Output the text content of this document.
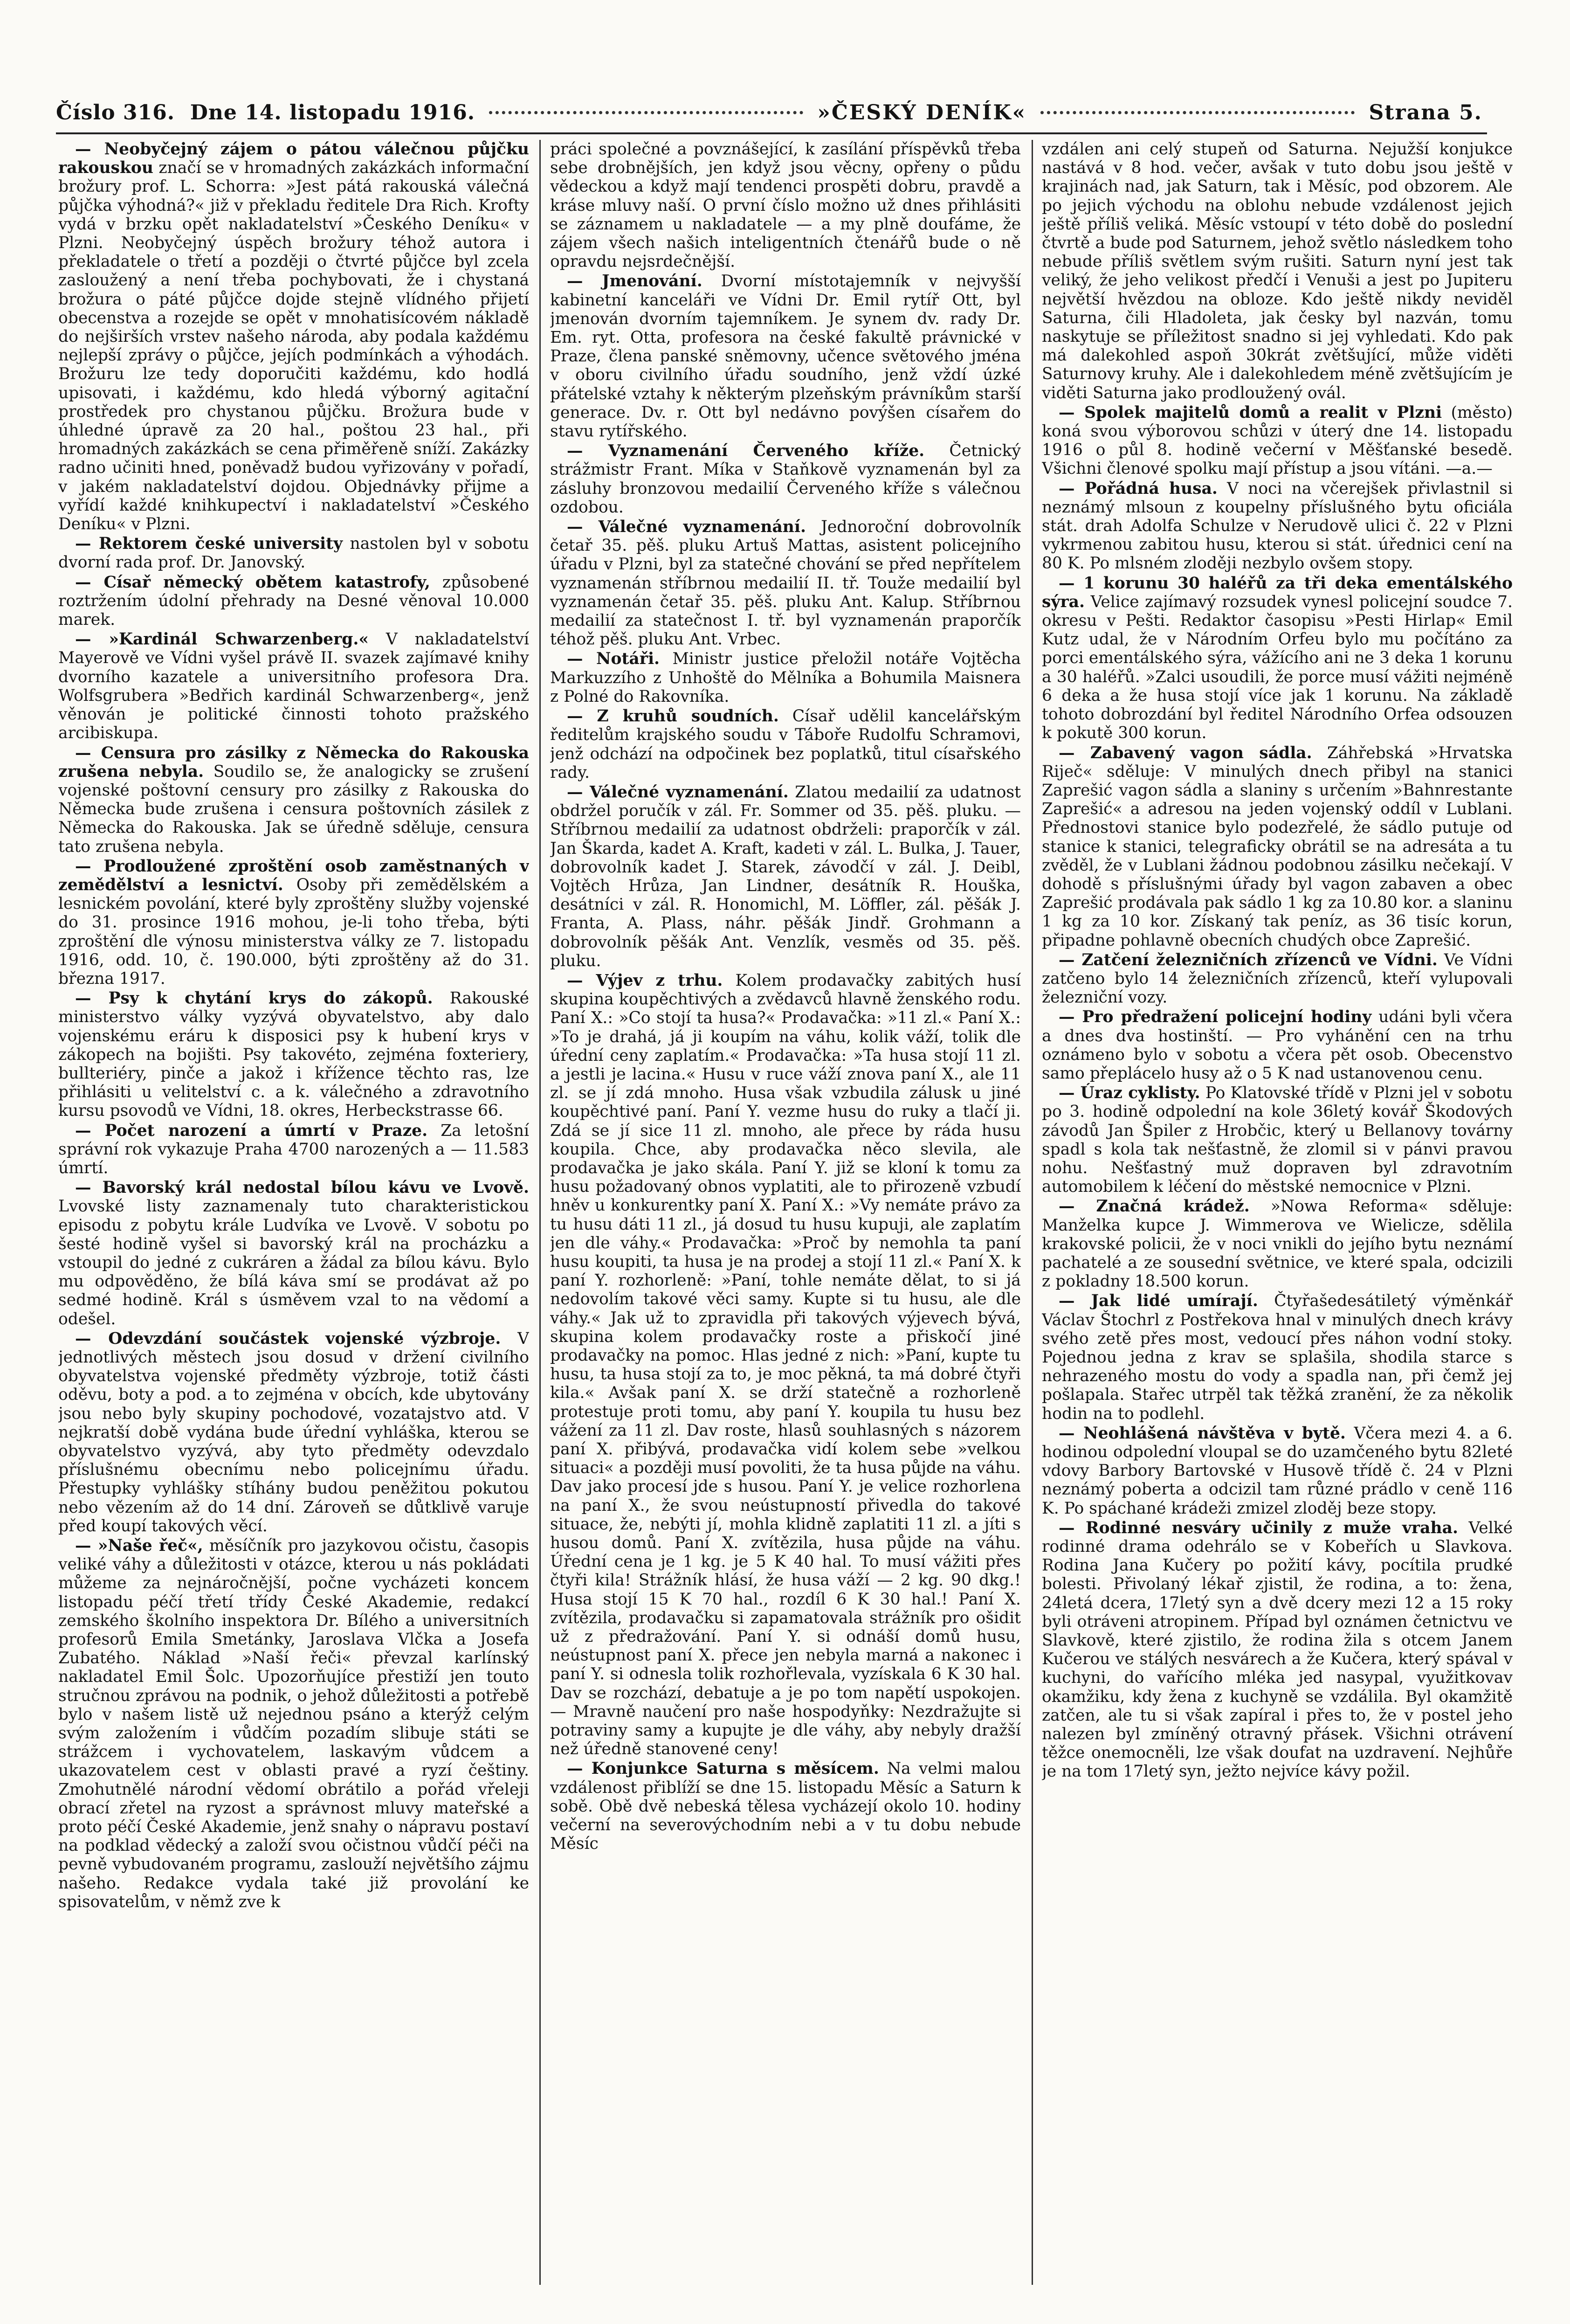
Číslo 316. Dne 14. listopadu 1916.	»ČESKÝ DENÍK«	Strana 5.

— Neobyčejný zájem o pátou válečnou půjčku rakouskou značí se v hromadných zakázkách informační brožury prof. L. Schorra: »Jest pátá rakouská válečná půjčka výhodná?« již v překladu ředitele Dra Rich. Krofty vydá v brzku opět nakladatelství »Českého Deníku« v Plzni. Neobyčejný úspěch brožury téhož autora i překladatele o třetí a později o čtvrté půjčce byl zcela zasloužený a není třeba pochybovati, že i chystaná brožura o páté půjčce dojde stejně vlídného přijetí obecenstva a rozejde se opět v mnohatisícovém nákladě do nejširších vrstev našeho národa, aby podala každému nejlepší zprávy o půjčce, jejích podmínkách a výhodách. Brožuru lze tedy doporučiti každému, kdo hodlá upisovati, i každému, kdo hledá výborný agitační prostředek pro chystanou půjčku. Brožura bude v úhledné úpravě za 20 hal., poštou 23 hal., při hromadných zakázkách se cena přiměřeně sníží. Zakázky radno učiniti hned, poněvadž budou vyřizovány v pořadí, v jakém nakladatelství dojdou. Objednávky přijme a vyřídí každé knihkupectví i nakladatelství »Českého Deníku« v Plzni.

— Rektorem české university nastolen byl v sobotu dvorní rada prof. Dr. Janovský.

— Císař německý obětem katastrofy, způsobené roztržením údolní přehrady na Desné věnoval 10.000 marek.

— »Kardinál Schwarzenberg.« V nakladatelství Mayerově ve Vídni vyšel právě II. svazek zajímavé knihy dvorního kazatele a universitního profesora Dra. Wolfsgrubera »Bedřich kardinál Schwarzenberg«, jenž věnován je politické činnosti tohoto pražského arcibiskupa.

— Censura pro zásilky z Německa do Rakouska zrušena nebyla. Soudilo se, že analogicky se zrušení vojenské poštovní censury pro zásilky z Rakouska do Německa bude zrušena i censura poštovních zásilek z Německa do Rakouska. Jak se úředně sděluje, censura tato zrušena nebyla.

— Prodloužené zproštění osob zaměstnaných v zemědělství a lesnictví. Osoby při zemědělském a lesnickém povolání, které byly zproštěny služby vojenské do 31. prosince 1916 mohou, je-li toho třeba, býti zproštění dle výnosu ministerstva války ze 7. listopadu 1916, odd. 10, č. 190.000, býti zproštěny až do 31. března 1917.

— Psy k chytání krys do zákopů. Rakouské ministerstvo války vyzývá obyvatelstvo, aby dalo vojenskému eráru k disposici psy k hubení krys v zákopech na bojišti. Psy takovéto, zejména foxteriery, bullteriéry, pinče a jakož i křížence těchto ras, lze přihlásiti u velitelství c. a k. válečného a zdravotního kursu psovodů ve Vídni, 18. okres, Herbeckstrasse 66.

— Počet narození a úmrtí v Praze. Za letošní správní rok vykazuje Praha 4700 narozených a — 11.583 úmrtí.

— Bavorský král nedostal bílou kávu ve Lvově. Lvovské listy zaznamenaly tuto charakteristickou episodu z pobytu krále Ludvíka ve Lvově. V sobotu po šesté hodině vyšel si bavorský král na procházku a vstoupil do jedné z cukráren a žádal za bílou kávu. Bylo mu odpověděno, že bílá káva smí se prodávat až po sedmé hodině. Král s úsměvem vzal to na vědomí a odešel.

— Odevzdání součástek vojenské výzbroje. V jednotlivých městech jsou dosud v držení civilního obyvatelstva vojenské předměty výzbroje, totiž části oděvu, boty a pod. a to zejména v obcích, kde ubytovány jsou nebo byly skupiny pochodové, vozatajstvo atd. V nejkratší době vydána bude úřední vyhláška, kterou se obyvatelstvo vyzývá, aby tyto předměty odevzdalo příslušnému obecnímu nebo policejnímu úřadu. Přestupky vyhlášky stíhány budou peněžitou pokutou nebo vězením až do 14 dní. Zároveň se důtklivě varuje před koupí takových věcí.

— »Naše řeč«, měsíčník pro jazykovou očistu, časopis veliké váhy a důležitosti v otázce, kterou u nás pokládati můžeme za nejnáročnější, počne vycházeti koncem listopadu péčí třetí třídy České Akademie, redakcí zemského školního inspektora Dr. Bílého a universitních profesorů Emila Smetánky, Jaroslava Vlčka a Josefa Zubatého. Náklad »Naší řeči« převzal karlínský nakladatel Emil Šolc. Upozorňujíce přestiží jen touto stručnou zprávou na podnik, o jehož důležitosti a potřebě bylo v našem listě už nejednou psáno a kterýž celým svým založením i vůdčím pozadím slibuje státi se strážcem i vychovatelem, laskavým vůdcem a ukazovatelem cest v oblasti pravé a ryzí češtiny. Zmohutnělé národní vědomí obrátilo a pořád vřeleji obrací zřetel na ryzost a správnost mluvy mateřské a proto péčí České Akademie, jenž snahy o nápravu postaví na podklad vědecký a založí svou očistnou vůdčí péči na pevně vybudovaném programu, zaslouží největšího zájmu našeho. Redakce vydala také již provolání ke spisovatelům, v němž zve k

práci společné a povznášející, k zasílání příspěvků třeba sebe drobnějších, jen když jsou věcny, opřeny o půdu vědeckou a když mají tendenci prospěti dobru, pravdě a kráse mluvy naší. O první číslo možno už dnes přihlásiti se záznamem u nakladatele — a my plně doufáme, že zájem všech našich inteligentních čtenářů bude o ně opravdu nejsrdečnější.

— Jmenování. Dvorní místotajemník v nejvyšší kabinetní kanceláři ve Vídni Dr. Emil rytíř Ott, byl jmenován dvorním tajemníkem. Je synem dv. rady Dr. Em. ryt. Otta, profesora na české fakultě právnické v Praze, člena panské sněmovny, učence světového jména v oboru civilního úřadu soudního, jenž vždí úzké přátelské vztahy k některým plzeňským právníkům starší generace. Dv. r. Ott byl nedávno povýšen císařem do stavu rytířského.

— Vyznamenání Červeného kříže. Četnický strážmistr Frant. Míka v Staňkově vyznamenán byl za zásluhy bronzovou medailií Červeného kříže s válečnou ozdobou.

— Válečné vyznamenání. Jednoroční dobrovolník četař 35. pěš. pluku Artuš Mattas, asistent policejního úřadu v Plzni, byl za statečné chování se před nepřítelem vyznamenán stříbrnou medailií II. tř. Touže medailií byl vyznamenán četař 35. pěš. pluku Ant. Kalup. Stříbrnou medailií za statečnost I. tř. byl vyznamenán praporčík téhož pěš. pluku Ant. Vrbec.

— Notáři. Ministr justice přeložil notáře Vojtěcha Markuzzího z Unhoště do Mělníka a Bohumila Maisnera z Polné do Rakovníka.

— Z kruhů soudních. Císař udělil kancelářským ředitelům krajského soudu v Táboře Rudolfu Schramovi, jenž odchází na odpočinek bez poplatků, titul císařského rady.

— Válečné vyznamenání. Zlatou medailií za udatnost obdržel poručík v zál. Fr. Sommer od 35. pěš. pluku. — Stříbrnou medailií za udatnost obdrželi: praporčík v zál. Jan Škarda, kadet A. Kraft, kadeti v zál. L. Bulka, J. Tauer, dobrovolník kadet J. Starek, závodčí v zál. J. Deibl, Vojtěch Hrůza, Jan Lindner, desátník R. Houška, desátníci v zál. R. Honomichl, M. Löffler, zál. pěšák J. Franta, A. Plass, náhr. pěšák Jindř. Grohmann a dobrovolník pěšák Ant. Venzlík, vesměs od 35. pěš. pluku.

— Výjev z trhu. Kolem prodavačky zabitých husí skupina koupěchtivých a zvědavců hlavně ženského rodu. Paní X.: »Co stojí ta husa?« Prodavačka: »11 zl.« Paní X.: »To je drahá, já ji koupím na váhu, kolik váží, tolik dle úřední ceny zaplatím.« Prodavačka: »Ta husa stojí 11 zl. a jestli je lacina.« Husu v ruce váží znova paní X., ale 11 zl. se jí zdá mnoho. Husa však vzbudila zálusk u jiné koupěchtivé paní. Paní Y. vezme husu do ruky a tlačí ji. Zdá se jí sice 11 zl. mnoho, ale přece by ráda husu koupila. Chce, aby prodavačka něco slevila, ale prodavačka je jako skála. Paní Y. již se kloní k tomu za husu požadovaný obnos vyplatiti, ale to přirozeně vzbudí hněv u konkurentky paní X. Paní X.: »Vy nemáte právo za tu husu dáti 11 zl., já dosud tu husu kupuji, ale zaplatím jen dle váhy.« Prodavačka: »Proč by nemohla ta paní husu koupiti, ta husa je na prodej a stojí 11 zl.« Paní X. k paní Y. rozhorleně: »Paní, tohle nemáte dělat, to si já nedovolím takové věci samy. Kupte si tu husu, ale dle váhy.« Jak už to zpravidla při takových výjevech bývá, skupina kolem prodavačky roste a přiskočí jiné prodavačky na pomoc. Hlas jedné z nich: »Paní, kupte tu husu, ta husa stojí za to, je moc pěkná, ta má dobré čtyři kila.« Avšak paní X. se drží statečně a rozhorleně protestuje proti tomu, aby paní Y. koupila tu husu bez vážení za 11 zl. Dav roste, hlasů souhlasných s názorem paní X. přibývá, prodavačka vidí kolem sebe »velkou situaci« a později musí povoliti, že ta husa půjde na váhu. Dav jako procesí jde s husou. Paní Y. je velice rozhorlena na paní X., že svou neústupností přivedla do takové situace, že, nebýti jí, mohla klidně zaplatiti 11 zl. a jíti s husou domů. Paní X. zvítězila, husa půjde na váhu. Úřední cena je 1 kg. je 5 K 40 hal. To musí vážiti přes čtyři kila! Strážník hlásí, že husa váží — 2 kg. 90 dkg.! Husa stojí 15 K 70 hal., rozdíl 6 K 30 hal.! Paní X. zvítězila, prodavačku si zapamatovala strážník pro ošidit už z předražování. Paní Y. si odnáší domů husu, neústupnost paní X. přece jen nebyla marná a nakonec i paní Y. si odnesla tolik rozhořlevala, vyzískala 6 K 30 hal. Dav se rozchází, debatuje a je po tom napětí uspokojen. — Mravně naučení pro naše hospodyňky: Nezdražujte si potraviny samy a kupujte je dle váhy, aby nebyly dražší než úředně stanovené ceny!

— Konjunkce Saturna s měsícem. Na velmi malou vzdálenost přiblíží se dne 15. listopadu Měsíc a Saturn k sobě. Obě dvě nebeská tělesa vycházejí okolo 10. hodiny večerní na severovýchodním nebi a v tu dobu nebude Měsíc

vzdálen ani celý stupeň od Saturna. Nejužší konjukce nastává v 8 hod. večer, avšak v tuto dobu jsou ještě v krajinách nad, jak Saturn, tak i Měsíc, pod obzorem. Ale po jejich východu na oblohu nebude vzdálenost jejich ještě příliš veliká. Měsíc vstoupí v této době do poslední čtvrtě a bude pod Saturnem, jehož světlo následkem toho nebude příliš světlem svým rušiti. Saturn nyní jest tak veliký, že jeho velikost předčí i Venuši a jest po Jupiteru největší hvězdou na obloze. Kdo ještě nikdy neviděl Saturna, čili Hladoleta, jak česky byl nazván, tomu naskytuje se příležitost snadno si jej vyhledati. Kdo pak má dalekohled aspoň 30krát zvětšující, může viděti Saturnovy kruhy. Ale i dalekohledem méně zvětšujícím je viděti Saturna jako prodloužený ovál.

— Spolek majitelů domů a realit v Plzni (město) koná svou výborovou schůzi v úterý dne 14. listopadu 1916 o půl 8. hodině večerní v Měšťanské besedě. Všichni členové spolku mají přístup a jsou vítáni. —a.—

— Pořádná husa. V noci na včerejšek přivlastnil si neznámý mlsoun z koupelny příslušného bytu oficiála stát. drah Adolfa Schulze v Nerudově ulici č. 22 v Plzni vykrmenou zabitou husu, kterou si stát. úřednici cení na 80 K. Po mlsném zloději nezbylo ovšem stopy.

— 1 korunu 30 haléřů za tři deka ementálského sýra. Velice zajímavý rozsudek vynesl policejní soudce 7. okresu v Pešti. Redaktor časopisu »Pesti Hirlap« Emil Kutz udal, že v Národním Orfeu bylo mu počítáno za porci ementálského sýra, vážícího ani ne 3 deka 1 korunu a 30 haléřů. »Zalci usoudili, že porce musí vážiti nejméně 6 deka a že husa stojí více jak 1 korunu. Na základě tohoto dobrozdání byl ředitel Národního Orfea odsouzen k pokutě 300 korun.

— Zabavený vagon sádla. Záhřebská »Hrvatska Riječ« sděluje: V minulých dnech přibyl na stanici Zaprešić vagon sádla a slaniny s určením »Bahnrestante Zaprešić« a adresou na jeden vojenský oddíl v Lublani. Přednostovi stanice bylo podezřelé, že sádlo putuje od stanice k stanici, telegraficky obrátil se na adresáta a tu zvěděl, že v Lublani žádnou podobnou zásilku nečekají. V dohodě s příslušnými úřady byl vagon zabaven a obec Zaprešić prodávala pak sádlo 1 kg za 10.80 kor. a slaninu 1 kg za 10 kor. Získaný tak peníz, as 36 tisíc korun, připadne pohlavně obecních chudých obce Zaprešić.

— Zatčení železničních zřízenců ve Vídni. Ve Vídni zatčeno bylo 14 železničních zřízenců, kteří vylupovali železniční vozy.

— Pro předražení policejní hodiny udáni byli včera a dnes dva hostinští. — Pro vyhánění cen na trhu oznámeno bylo v sobotu a včera pět osob. Obecenstvo samo přeplácelo husy až o 5 K nad ustanovenou cenu.

— Úraz cyklisty. Po Klatovské třídě v Plzni jel v sobotu po 3. hodině odpolední na kole 36letý kovář Škodových závodů Jan Špiler z Hrobčic, který u Bellanovy továrny spadl s kola tak nešťastně, že zlomil si v pánvi pravou nohu. Nešťastný muž dopraven byl zdravotním automobilem k léčení do městské nemocnice v Plzni.

— Značná krádež. »Nowa Reforma« sděluje: Manželka kupce J. Wimmerova ve Wielicze, sdělila krakovské policii, že v noci vnikli do jejího bytu neznámí pachatelé a ze sousední světnice, ve které spala, odcizili z pokladny 18.500 korun.

— Jak lidé umírají. Čtyřašedesátiletý výměnkář Václav Štochrl z Postřekova hnal v minulých dnech krávy svého zetě přes most, vedoucí přes náhon vodní stoky. Pojednou jedna z krav se splašila, shodila starce s nehrazeného mostu do vody a spadla nan, při čemž jej pošlapala. Stařec utrpěl tak těžká zranění, že za několik hodin na to podlehl.

— Neohlášená návštěva v bytě. Včera mezi 4. a 6. hodinou odpolední vloupal se do uzamčeného bytu 82leté vdovy Barbory Bartovské v Husově třídě č. 24 v Plzni neznámý poberta a odcizil tam různé prádlo v ceně 116 K. Po spáchané krádeži zmizel zloděj beze stopy.

— Rodinné nesváry učinily z muže vraha. Velké rodinné drama odehrálo se v Kobeřích u Slavkova. Rodina Jana Kučery po požití kávy, pocítila prudké bolesti. Přivolaný lékař zjistil, že rodina, a to: žena, 24letá dcera, 17letý syn a dvě dcery mezi 12 a 15 roky byli otráveni atropinem. Případ byl oznámen četnictvu ve Slavkově, které zjistilo, že rodina žila s otcem Janem Kučerou ve stálých nesvárech a že Kučera, který spával v kuchyni, do vařícího mléka jed nasypal, využitkovav okamžiku, kdy žena z kuchyně se vzdálila. Byl okamžitě zatčen, ale tu si však zapíral i přes to, že v postel jeho nalezen byl zmíněný otravný přásek. Všichni otrávení těžce onemocněli, lze však doufat na uzdravení. Nejhůře je na tom 17letý syn, ježto nejvíce kávy požil.
